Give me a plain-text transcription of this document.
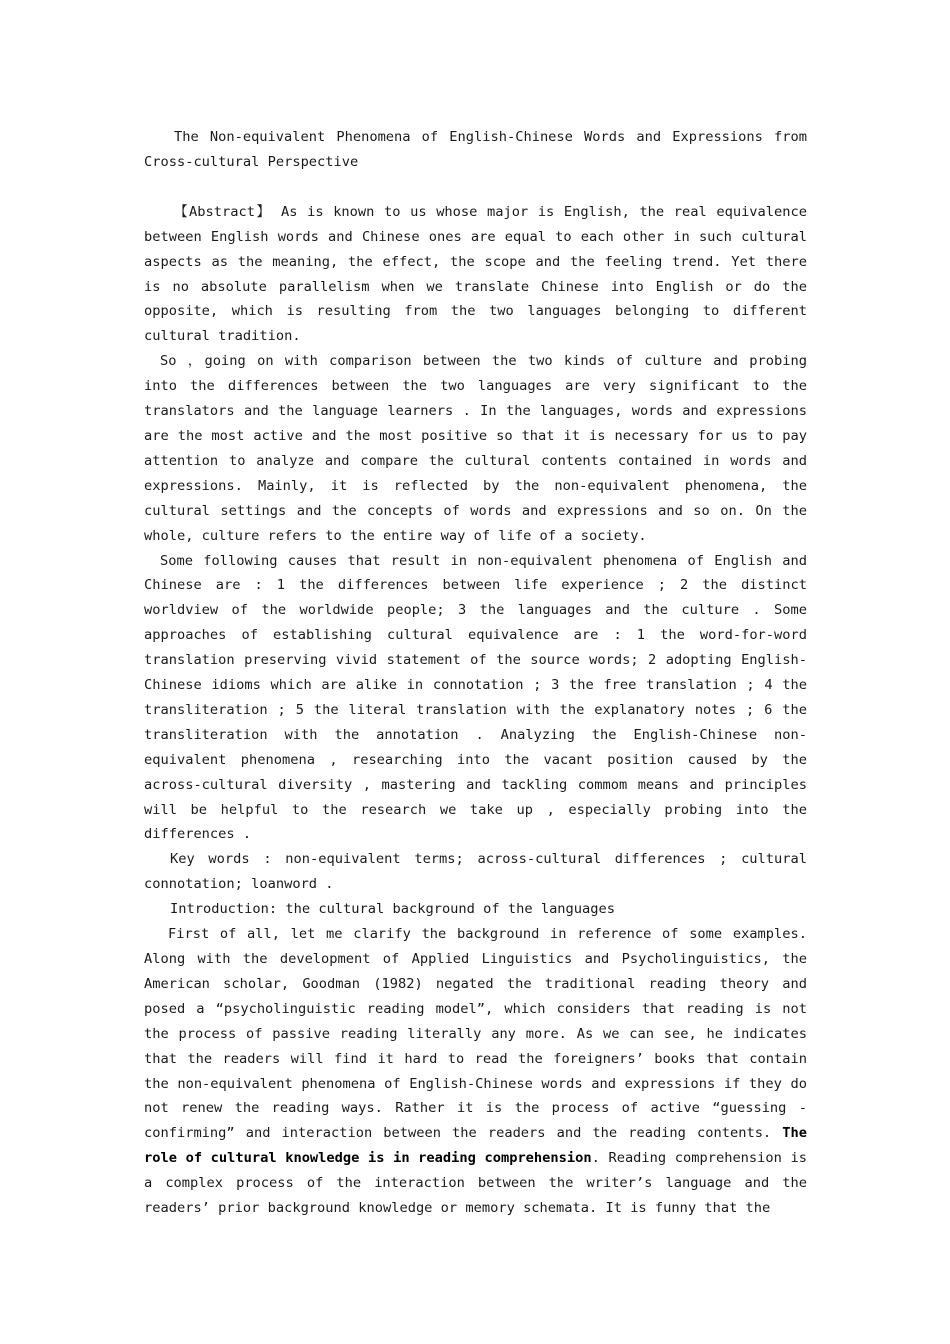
The Non-equivalent Phenomena of English-Chinese Words and Expressions from Cross-cultural Perspective

【Abstract】 As is known to us whose major is English, the real equivalence between English words and Chinese ones are equal to each other in such cultural aspects as the meaning, the effect, the scope and the feeling trend. Yet there is no absolute parallelism when we translate Chinese into English or do the opposite, which is resulting from the two languages belonging to different cultural tradition.

So ，going on with comparison between the two kinds of culture and probing into the differences between the two languages are very significant to the translators and the language learners . In the languages, words and expressions are the most active and the most positive so that it is necessary for us to pay attention to analyze and compare the cultural contents contained in words and expressions. Mainly, it is reflected by the non-equivalent phenomena, the cultural settings and the concepts of words and expressions and so on. On the whole, culture refers to the entire way of life of a society.

Some following causes that result in non-equivalent phenomena of English and Chinese are : 1 the differences between life experience ; 2 the distinct worldview of the worldwide people; 3 the languages and the culture . Some approaches of establishing cultural equivalence are : 1 the word-for-word translation preserving vivid statement of the source words; 2 adopting English-Chinese idioms which are alike in connotation ; 3 the free translation ; 4 the transliteration ; 5 the literal translation with the explanatory notes ; 6 the transliteration with the annotation . Analyzing the English-Chinese non-equivalent phenomena , researching into the vacant position caused by the across-cultural diversity , mastering and tackling commom means and principles will be helpful to the research we take up , especially probing into the differences .

Key words : non-equivalent terms; across-cultural differences ; cultural connotation; loanword .

Introduction: the cultural background of the languages

First of all, let me clarify the background in reference of some examples. Along with the development of Applied Linguistics and Psycholinguistics, the American scholar, Goodman (1982) negated the traditional reading theory and posed a “psycholinguistic reading model”, which considers that reading is not the process of passive reading literally any more. As we can see, he indicates that the readers will find it hard to read the foreigners’ books that contain the non-equivalent phenomena of English-Chinese words and expressions if they do not renew the reading ways. Rather it is the process of active “guessing - confirming” and interaction between the readers and the reading contents. The role of cultural knowledge is in reading comprehension. Reading comprehension is a complex process of the interaction between the writer’s language and the readers’ prior background knowledge or memory schemata. It is funny that the
